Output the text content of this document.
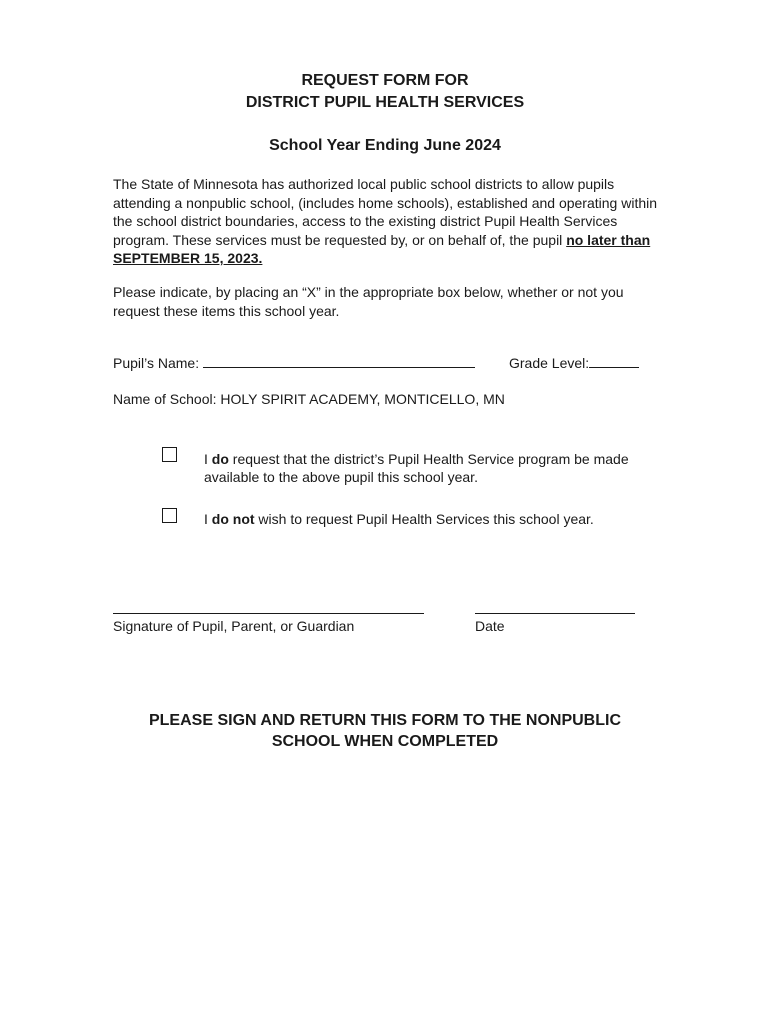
REQUEST FORM FOR
DISTRICT PUPIL HEALTH SERVICES
School Year Ending June 2024

The State of Minnesota has authorized local public school districts to allow pupils attending a nonpublic school, (includes home schools), established and operating within the school district boundaries, access to the existing district Pupil Health Services program. These services must be requested by, or on behalf of, the pupil no later than SEPTEMBER 15, 2023.

Please indicate, by placing an “X” in the appropriate box below, whether or not you request these items this school year.

Pupil’s Name:	Grade Level:
Name of School: HOLY SPIRIT ACADEMY, MONTICELLO, MN
I do request that the district’s Pupil Health Service program be made available to the above pupil this school year.
I do not wish to request Pupil Health Services this school year.
Signature of Pupil, Parent, or Guardian	Date
PLEASE SIGN AND RETURN THIS FORM TO THE NONPUBLIC
SCHOOL WHEN COMPLETED
